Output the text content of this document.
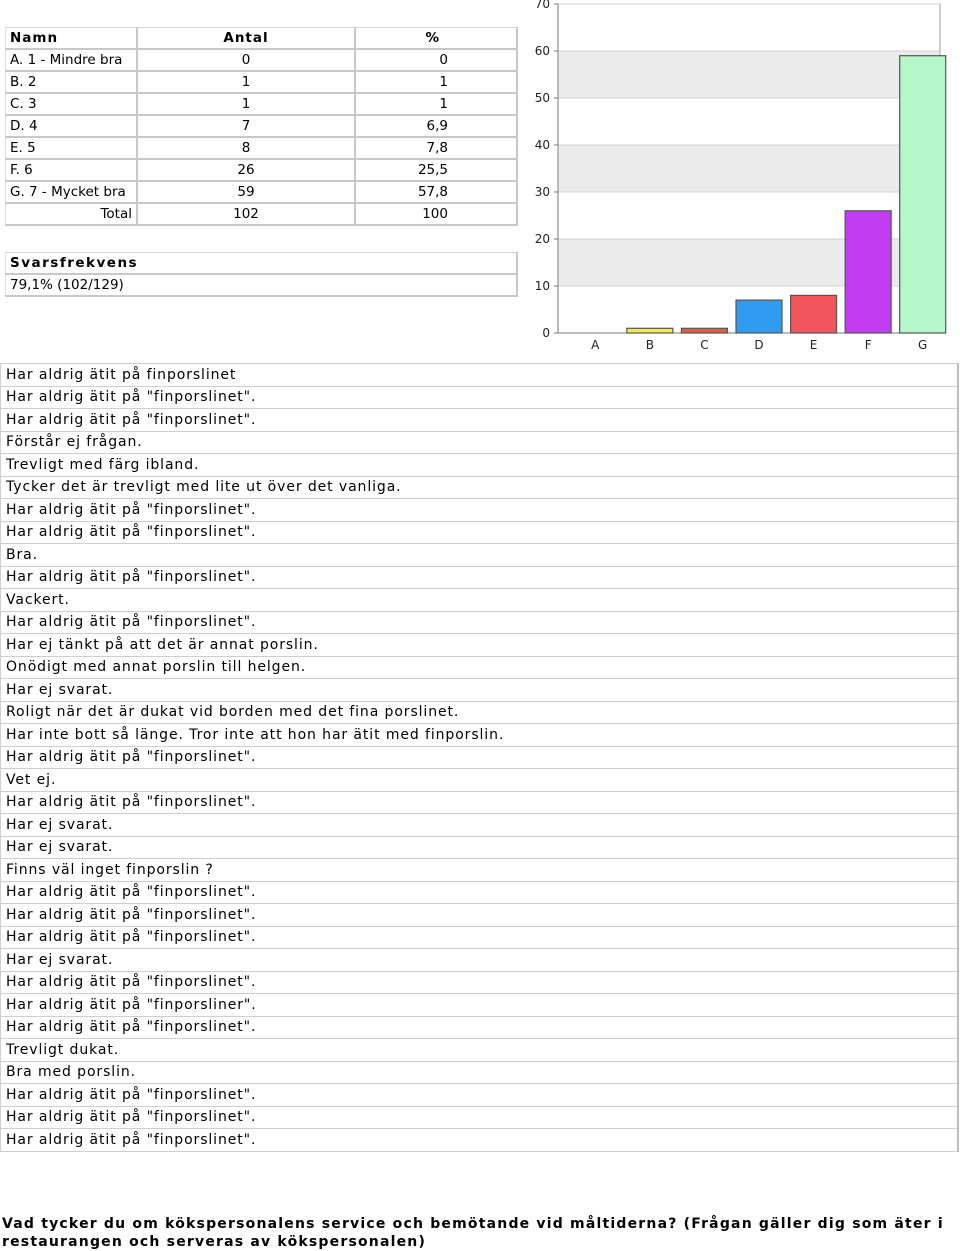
Namn	Antal	%
A. 1 - Mindre bra	0	0
B. 2	1	1
C. 3	1	1
D. 4	7	6,9
E. 5	8	7,8
F. 6	26	25,5
G. 7 - Mycket bra	59	57,8
Total	102	100
Svarsfrekvens
79,1% (102/129)
0
10
20
30
40
50
60
70
A	B	C	D	E	F	G
Har aldrig ätit på finporslinet
Har aldrig ätit på "finporslinet".
Har aldrig ätit på "finporslinet".
Förstår ej frågan.
Trevligt med färg ibland.
Tycker det är trevligt med lite ut över det vanliga.
Har aldrig ätit på "finporslinet".
Har aldrig ätit på "finporslinet".
Bra.
Har aldrig ätit på "finporslinet".
Vackert.
Har aldrig ätit på "finporslinet".
Har ej tänkt på att det är annat porslin.
Onödigt med annat porslin till helgen.
Har ej svarat.
Roligt när det är dukat vid borden med det fina porslinet.
Har inte bott så länge. Tror inte att hon har ätit med finporslin.
Har aldrig ätit på "finporslinet".
Vet ej.
Har aldrig ätit på "finporslinet".
Har ej svarat.
Har ej svarat.
Finns väl inget finporslin ?
Har aldrig ätit på "finporslinet".
Har aldrig ätit på "finporslinet".
Har aldrig ätit på "finporslinet".
Har ej svarat.
Har aldrig ätit på "finporslinet".
Har aldrig ätit på "finporsliner".
Har aldrig ätit på "finporslinet".
Trevligt dukat.
Bra med porslin.
Har aldrig ätit på "finporslinet".
Har aldrig ätit på "finporslinet".
Har aldrig ätit på "finporslinet".

Vad tycker du om kökspersonalens service och bemötande vid måltiderna? (Frågan gäller dig som äter i restaurangen och serveras av kökspersonalen)
